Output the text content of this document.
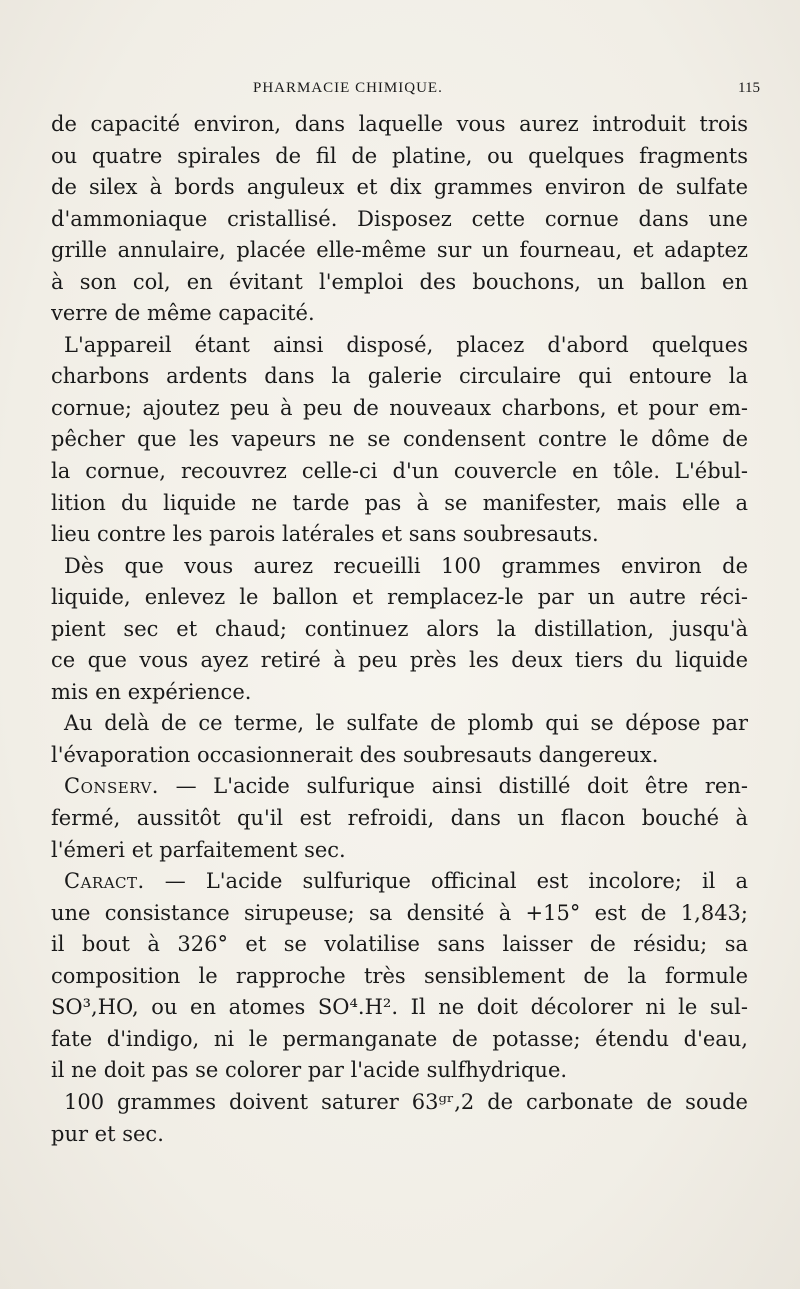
PHARMACIE CHIMIQUE.	115
de capacité environ, dans laquelle vous aurez introduit trois
ou quatre spirales de fil de platine, ou quelques fragments
de silex à bords anguleux et dix grammes environ de sulfate
d'ammoniaque cristallisé. Disposez cette cornue dans une
grille annulaire, placée elle-même sur un fourneau, et adaptez
à son col, en évitant l'emploi des bouchons, un ballon en
verre de même capacité.
L'appareil étant ainsi disposé, placez d'abord quelques
charbons ardents dans la galerie circulaire qui entoure la
cornue; ajoutez peu à peu de nouveaux charbons, et pour em-
pêcher que les vapeurs ne se condensent contre le dôme de
la cornue, recouvrez celle-ci d'un couvercle en tôle. L'ébul-
lition du liquide ne tarde pas à se manifester, mais elle a
lieu contre les parois latérales et sans soubresauts.
Dès que vous aurez recueilli 100 grammes environ de
liquide, enlevez le ballon et remplacez-le par un autre réci-
pient sec et chaud; continuez alors la distillation, jusqu'à
ce que vous ayez retiré à peu près les deux tiers du liquide
mis en expérience.
Au delà de ce terme, le sulfate de plomb qui se dépose par
l'évaporation occasionnerait des soubresauts dangereux.
Conserv. — L'acide sulfurique ainsi distillé doit être ren-
fermé, aussitôt qu'il est refroidi, dans un flacon bouché à
l'émeri et parfaitement sec.
Caract. — L'acide sulfurique officinal est incolore; il a
une consistance sirupeuse; sa densité à +15° est de 1,843;
il bout à 326° et se volatilise sans laisser de résidu; sa
composition le rapproche très sensiblement de la formule
SO³,HO, ou en atomes SO⁴.H². Il ne doit décolorer ni le sul-
fate d'indigo, ni le permanganate de potasse; étendu d'eau,
il ne doit pas se colorer par l'acide sulfhydrique.
100 grammes doivent saturer 63ᵍʳ,2 de carbonate de soude
pur et sec.
